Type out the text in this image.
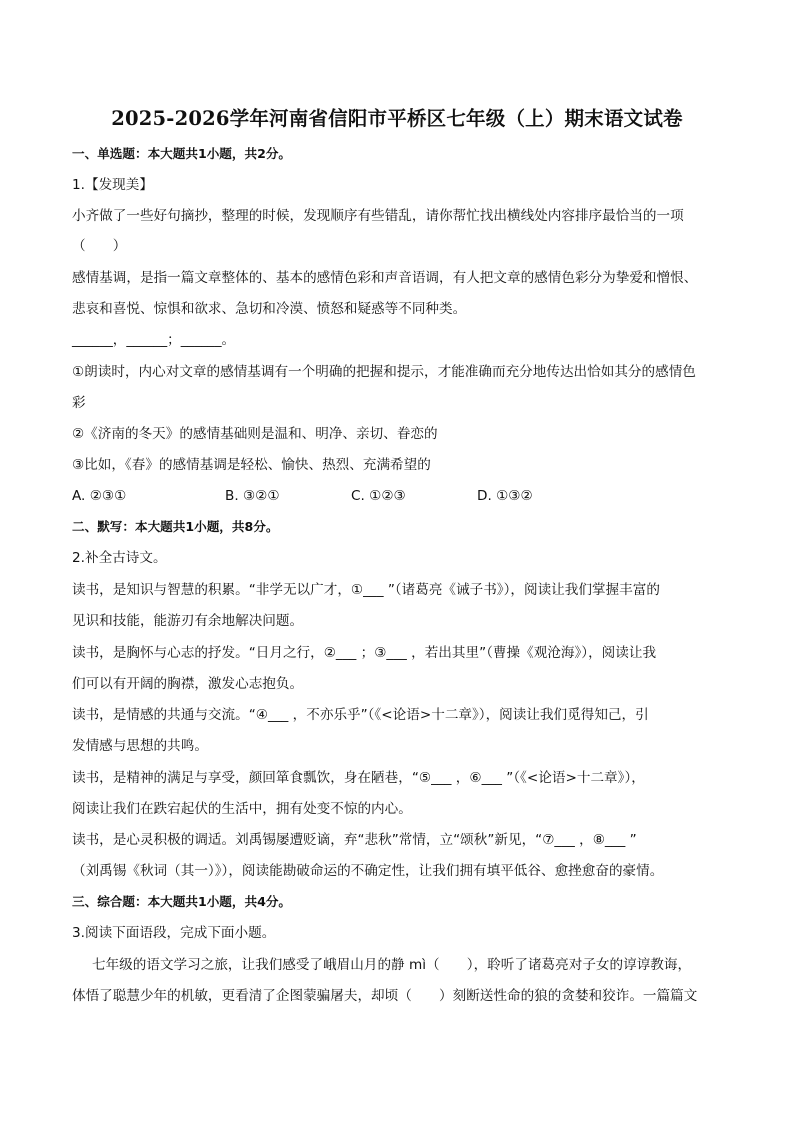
2025-2026学年河南省信阳市平桥区七年级（上）期末语文试卷
一、单选题：本大题共1小题，共2分。
1.【发现美】
小齐做了一些好句摘抄，整理的时候，发现顺序有些错乱，请你帮忙找出横线处内容排序最恰当的一项
（　　）
感情基调，是指一篇文章整体的、基本的感情色彩和声音语调，有人把文章的感情色彩分为挚爱和憎恨、
悲哀和喜悦、惊惧和欲求、急切和冷漠、愤怒和疑惑等不同种类。
______，______；______。
①朗读时，内心对文章的感情基调有一个明确的把握和提示，才能准确而充分地传达出恰如其分的感情色
彩
②《济南的冬天》的感情基础则是温和、明净、亲切、眷恋的
③比如，《春》的感情基调是轻松、愉快、热烈、充满希望的
A. ②③①	B. ③②①	C. ①②③	D. ①③②
二、默写：本大题共1小题，共8分。
2.补全古诗文。
读书，是知识与智慧的积累。“非学无以广才，①___ ”（诸葛亮《诫子书》），阅读让我们掌握丰富的
见识和技能，能游刃有余地解决问题。
读书，是胸怀与心志的抒发。“日月之行，②___ ；③___ ，若出其里”（曹操《观沧海》），阅读让我
们可以有开阔的胸襟，激发心志抱负。
读书，是情感的共通与交流。“④___ ，不亦乐乎”（《<论语>十二章》），阅读让我们觅得知己，引
发情感与思想的共鸣。
读书，是精神的满足与享受，颜回箪食瓢饮，身在陋巷，“⑤___ ，⑥___ ”（《<论语>十二章》），
阅读让我们在跌宕起伏的生活中，拥有处变不惊的内心。
读书，是心灵积极的调适。刘禹锡屡遭贬谪，弃“悲秋”常情，立“颂秋”新见，“⑦___ ，⑧___ ”
（刘禹锡《秋词（其一）》），阅读能勘破命运的不确定性，让我们拥有填平低谷、愈挫愈奋的豪情。
三、综合题：本大题共1小题，共4分。
3.阅读下面语段，完成下面小题。
七年级的语文学习之旅，让我们感受了峨眉山月的静 mì（　　），聆听了诸葛亮对子女的谆谆教诲，
体悟了聪慧少年的机敏，更看清了企图蒙骗屠夫，却顷（　　）刻断送性命的狼的贪婪和狡诈。一篇篇文
